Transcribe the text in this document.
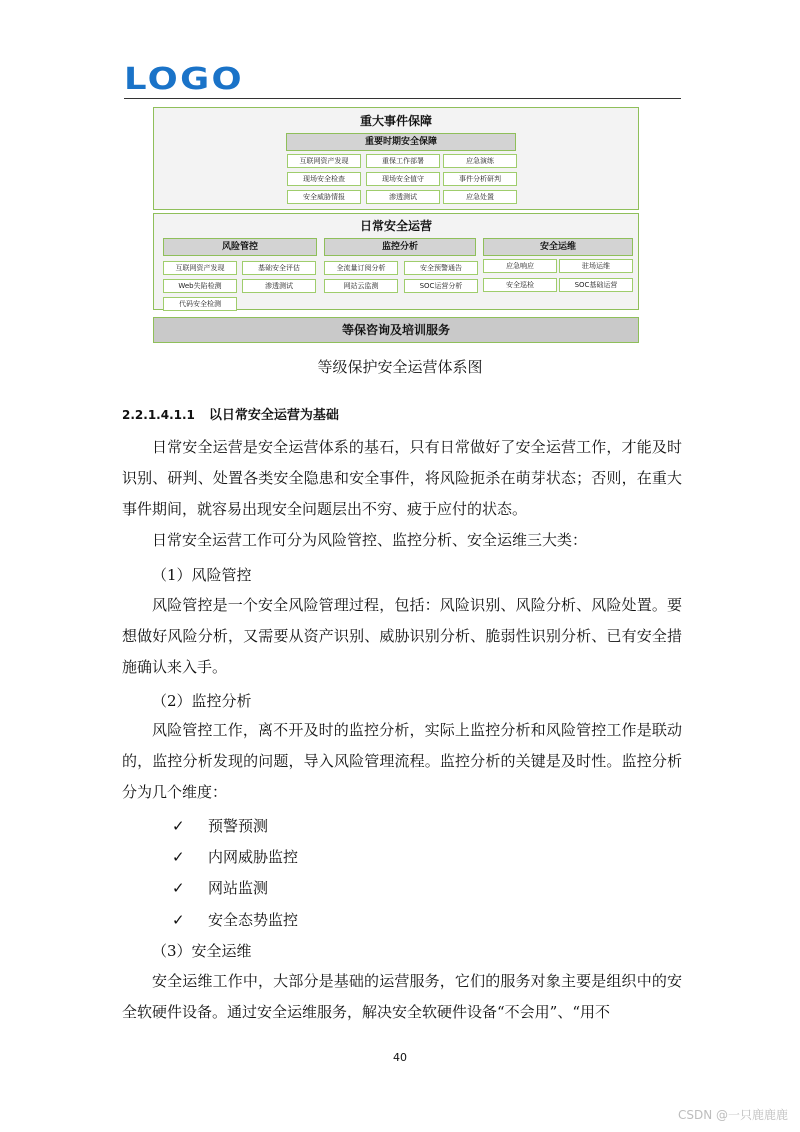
LOGO
重大事件保障
重要时期安全保障
互联网资产发现	重保工作部署	应急演练
现场安全检查	现场安全值守	事件分析研判
安全威胁情报	渗透测试	应急处置
日常安全运营
风险管控	监控分析	安全运维
互联网资产发现	基础安全评估
Web失陷检测	渗透测试
代码安全检测
全流量订阅分析	安全预警通告
网站云监测	SOC运营分析
应急响应	驻场运维
安全巡检	SOC基础运营
等保咨询及培训服务
等级保护安全运营体系图
2.2.1.4.1.1 以日常安全运营为基础
日常安全运营是安全运营体系的基石，只有日常做好了安全运营工作，才能及时识别、研判、处置各类安全隐患和安全事件，将风险扼杀在萌芽状态；否则，在重大事件期间，就容易出现安全问题层出不穷、疲于应付的状态。
日常安全运营工作可分为风险管控、监控分析、安全运维三大类：
（1）风险管控
风险管控是一个安全风险管理过程，包括：风险识别、风险分析、风险处置。要想做好风险分析，又需要从资产识别、威胁识别分析、脆弱性识别分析、已有安全措施确认来入手。
（2）监控分析
风险管控工作，离不开及时的监控分析，实际上监控分析和风险管控工作是联动的，监控分析发现的问题，导入风险管理流程。监控分析的关键是及时性。监控分析分为几个维度：
✓ 预警预测
✓ 内网威胁监控
✓ 网站监测
✓ 安全态势监控
（3）安全运维
安全运维工作中，大部分是基础的运营服务，它们的服务对象主要是组织中的安全软硬件设备。通过安全运维服务，解决安全软硬件设备“不会用”、“用不
40
CSDN @一只鹿鹿鹿
